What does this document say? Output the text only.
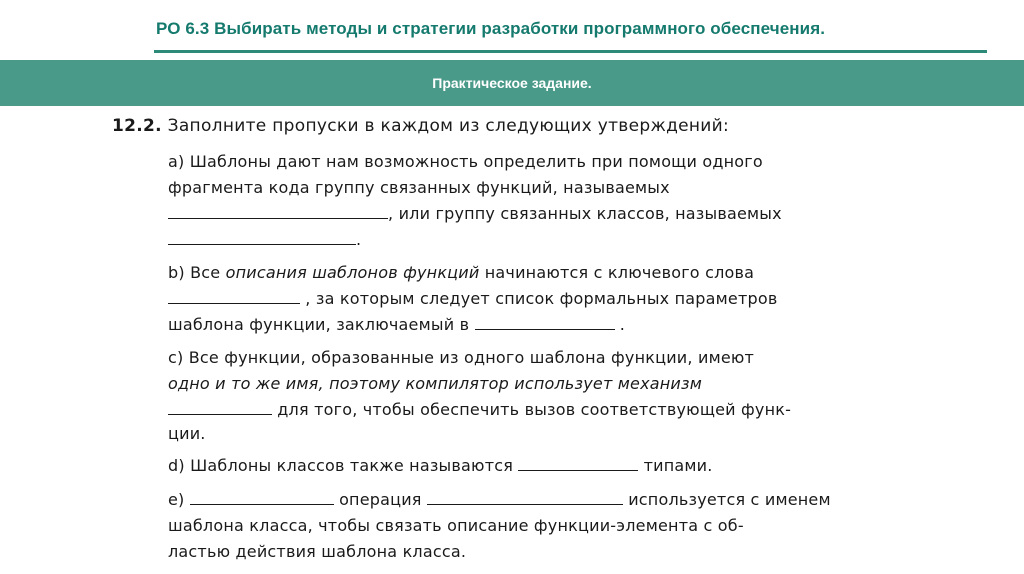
РО 6.3 Выбирать методы и стратегии разработки программного обеспечения.
Практическое задание.
12.2. Заполните пропуски в каждом из следующих утверждений:
a) Шаблоны дают нам возможность определить при помощи одного
фрагмента кода группу связанных функций, называемых
, или группу связанных классов, называемых
.
b) Все описания шаблонов функций начинаются с ключевого слова
, за которым следует список формальных параметров
шаблона функции, заключаемый в	.
c) Все функции, образованные из одного шаблона функции, имеют
одно и то же имя, поэтому компилятор использует механизм
для того, чтобы обеспечить вызов соответствующей функ-
ции.
d) Шаблоны классов также называются	типами.
e)	операция	используется с именем
шаблона класса, чтобы связать описание функции-элемента с об-
ластью действия шаблона класса.
